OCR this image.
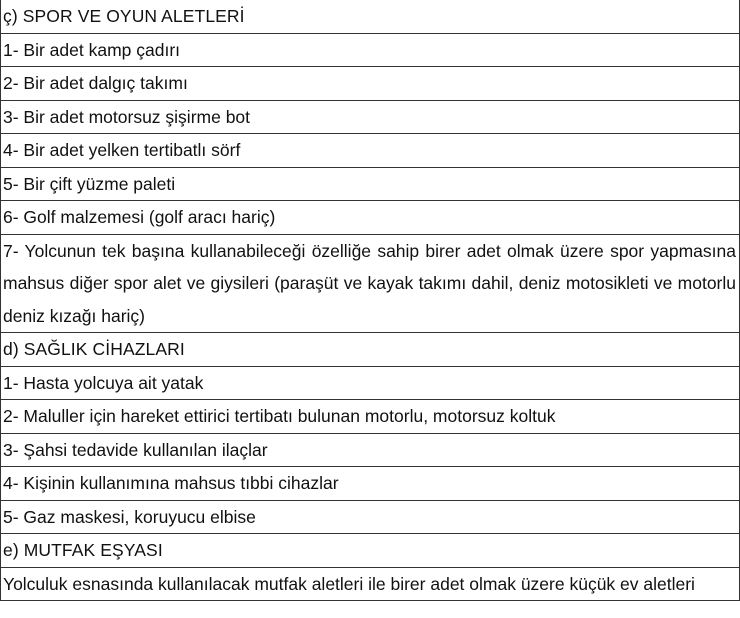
ç) SPOR VE OYUN ALETLERİ
1- Bir adet kamp çadırı
2- Bir adet dalgıç takımı
3- Bir adet motorsuz şişirme bot
4- Bir adet yelken tertibatlı sörf
5- Bir çift yüzme paleti
6- Golf malzemesi (golf aracı hariç)
7- Yolcunun tek başına kullanabileceği özelliğe sahip birer adet olmak üzere spor yapmasına mahsus diğer spor alet ve giysileri (paraşüt ve kayak takımı dahil, deniz motosikleti ve motorlu deniz kızağı hariç)
d) SAĞLIK CİHAZLARI
1- Hasta yolcuya ait yatak
2- Maluller için hareket ettirici tertibatı bulunan motorlu, motorsuz koltuk
3- Şahsi tedavide kullanılan ilaçlar
4- Kişinin kullanımına mahsus tıbbi cihazlar
5- Gaz maskesi, koruyucu elbise
e) MUTFAK EŞYASI
Yolculuk esnasında kullanılacak mutfak aletleri ile birer adet olmak üzere küçük ev aletleri
